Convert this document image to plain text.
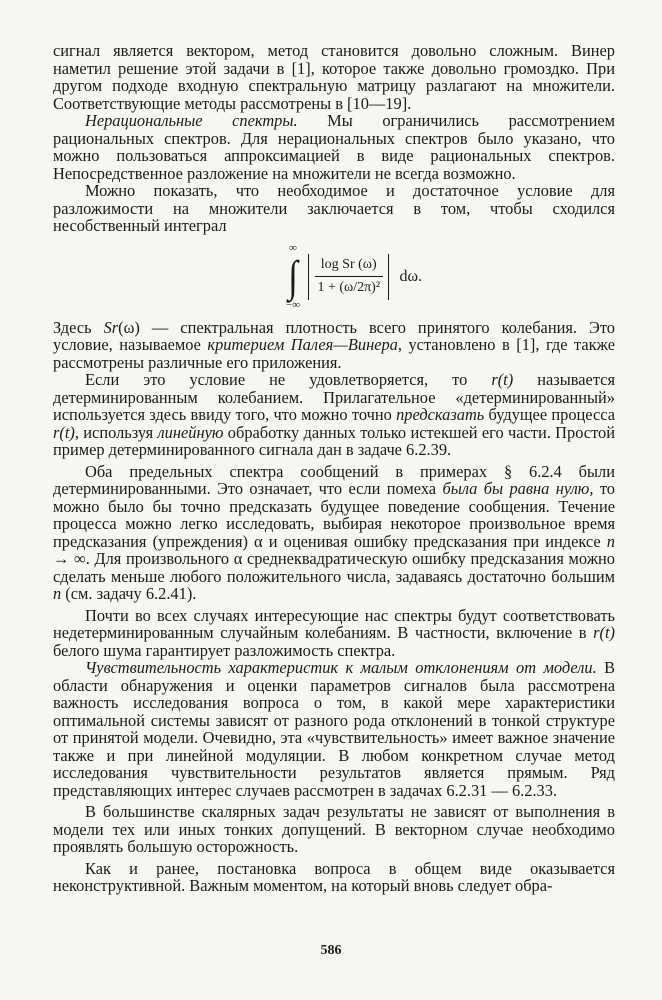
сигнал является вектором, метод становится довольно сложным. Винер наметил решение этой задачи в [1], которое также довольно громоздко. При другом подходе входную спектральную матрицу разлагают на множители. Соответствующие методы рассмотрены в [10—19].

Нерациональные спектры. Мы ограничились рассмотрением рациональных спектров. Для нерациональных спектров было указано, что можно пользоваться аппроксимацией в виде рациональных спектров. Непосредственное разложение на множители не всегда возможно.

Можно показать, что необходимое и достаточное условие для разложимости на множители заключается в том, чтобы сходился несобственный интеграл

∞
∫
−∞
$\frac{\text{log Sr (ω)}}{\text{1 + (ω/2π)²}} d\omega$.

Здесь Sr(ω) — спектральная плотность всего принятого колебания. Это условие, называемое критерием Палея—Винера, установлено в [1], где также рассмотрены различные его приложения.

Если это условие не удовлетворяется, то r(t) называется детерминированным колебанием. Прилагательное «детерминированный» используется здесь ввиду того, что можно точно предсказать будущее процесса r(t), используя линейную обработку данных только истекшей его части. Простой пример детерминированного сигнала дан в задаче 6.2.39.

Оба предельных спектра сообщений в примерах § 6.2.4 были детерминированными. Это означает, что если помеха была бы равна нулю, то можно было бы точно предсказать будущее поведение сообщения. Течение процесса можно легко исследовать, выбирая некоторое произвольное время предсказания (упреждения) α и оценивая ошибку предсказания при индексе n → ∞. Для произвольного α среднеквадратическую ошибку предсказания можно сделать меньше любого положительного числа, задаваясь достаточно большим n (см. задачу 6.2.41).

Почти во всех случаях интересующие нас спектры будут соответствовать недетерминированным случайным колебаниям. В частности, включение в r(t) белого шума гарантирует разложимость спектра.

Чувствительность характеристик к малым отклонениям от модели. В области обнаружения и оценки параметров сигналов была рассмотрена важность исследования вопроса о том, в какой мере характеристики оптимальной системы зависят от разного рода отклонений в тонкой структуре от принятой модели. Очевидно, эта «чувствительность» имеет важное значение также и при линейной модуляции. В любом конкретном случае метод исследования чувствительности результатов является прямым. Ряд представляющих интерес случаев рассмотрен в задачах 6.2.31 — 6.2.33.

В большинстве скалярных задач результаты не зависят от выполнения в модели тех или иных тонких допущений. В векторном случае необходимо проявлять большую осторожность.

Как и ранее, постановка вопроса в общем виде оказывается неконструктивной. Важным моментом, на который вновь следует обра-

586
